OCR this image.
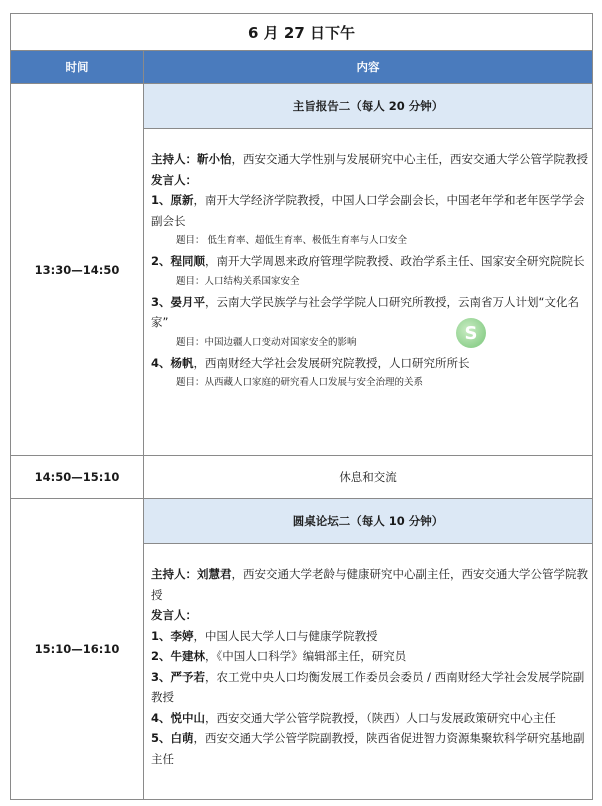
6 月 27 日下午
时间	内容
13:30—14:50
主旨报告二（每人 20 分钟）

主持人：靳小怡，西安交通大学性别与发展研究中心主任，西安交通大学公管学院教授

发言人：

1、原新，南开大学经济学院教授，中国人口学会副会长，中国老年学和老年医学学会副会长

题目： 低生育率、超低生育率、极低生育率与人口安全

2、程同顺，南开大学周恩来政府管理学院教授、政治学系主任、国家安全研究院院长

题目：人口结构关系国家安全

3、晏月平，云南大学民族学与社会学学院人口研究所教授，云南省万人计划“文化名家”

题目：中国边疆人口变动对国家安全的影响

4、杨帆，西南财经大学社会发展研究院教授，人口研究所所长

题目：从西藏人口家庭的研究看人口发展与安全治理的关系

14:50—15:10	休息和交流
15:10—16:10
圆桌论坛二（每人 10 分钟）

主持人：刘慧君，西安交通大学老龄与健康研究中心副主任，西安交通大学公管学院教授

发言人：

1、李婷，中国人民大学人口与健康学院教授

2、牛建林，《中国人口科学》编辑部主任，研究员

3、严予若，农工党中央人口均衡发展工作委员会委员 / 西南财经大学社会发展学院副教授

4、悦中山，西安交通大学公管学院教授，（陕西）人口与发展政策研究中心主任

5、白萌，西安交通大学公管学院副教授，陕西省促进智力资源集聚软科学研究基地副主任

S
